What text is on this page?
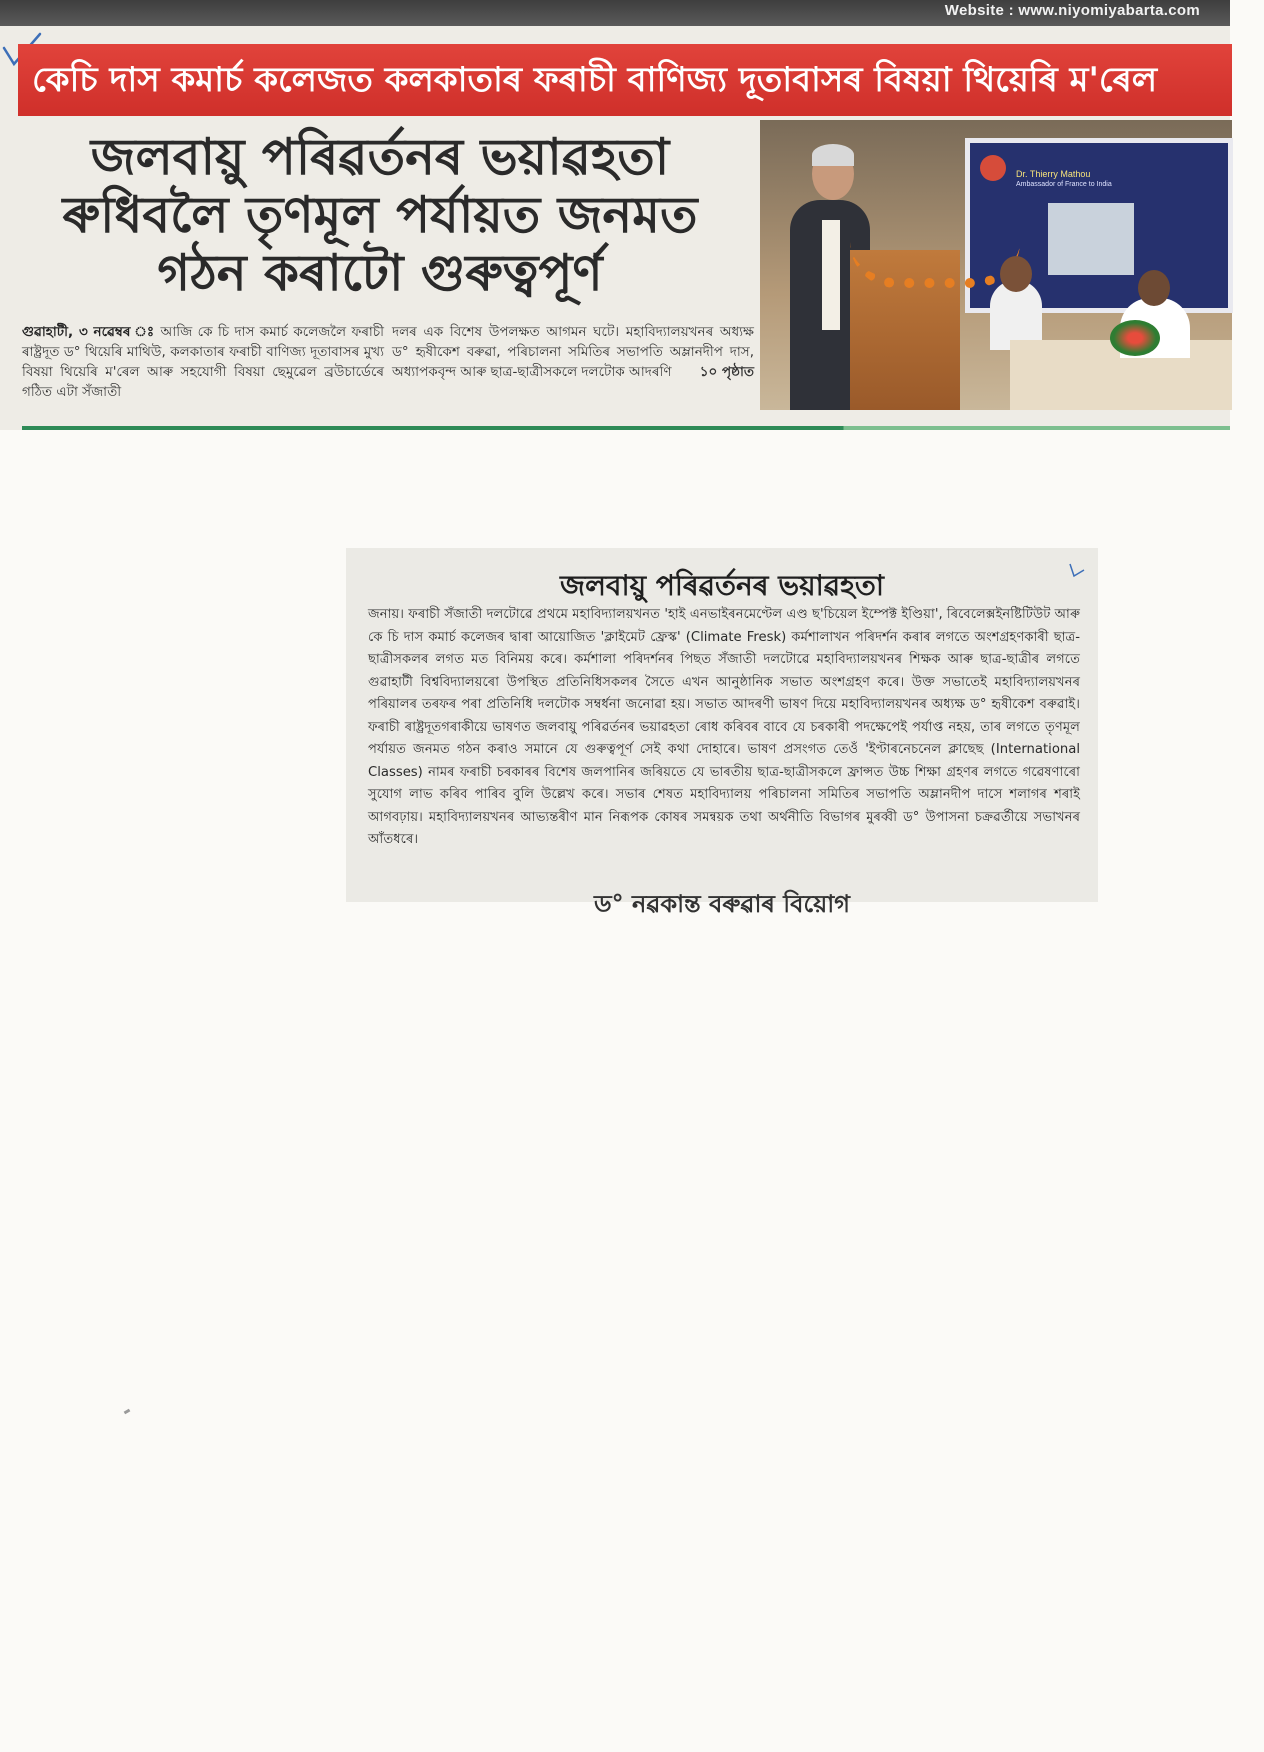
Website : www.niyomiyabarta.com
কেচি দাস কমাৰ্চ কলেজত কলকাতাৰ ফৰাচী বাণিজ্য দূতাবাসৰ বিষয়া থিয়েৰি ম'ৰেল
জলবায়ু পৰিৱৰ্তনৰ ভয়াৱহতা
ৰুধিবলৈ তৃণমূল পৰ্যায়ত জনমত
গঠন কৰাটো গুৰুত্বপূৰ্ণ
গুৱাহাটী, ৩ নৱেম্বৰ ঃ আজি কে চি দাস কমাৰ্চ কলেজলৈ ফৰাচী ৰাষ্ট্ৰদূত ড° থিয়েৰি মাথিউ, কলকাতাৰ ফৰাচী বাণিজ্য দূতাবাসৰ মুখ্য বিষয়া থিয়েৰি ম'ৰেল আৰু সহযোগী বিষয়া ছেমুৱেল ব্ৰউচাৰ্ডেৰে গঠিত এটা সঁজাতী
দলৰ এক বিশেষ উপলক্ষত আগমন ঘটে। মহাবিদ্যালয়খনৰ অধ্যক্ষ ড° হৃষীকেশ বৰুৱা, পৰিচালনা সমিতিৰ সভাপতি অম্লানদীপ দাস, অধ্যাপকবৃন্দ আৰু ছাত্ৰ-ছাত্ৰীসকলে দলটোক আদৰণি ১০ পৃষ্ঠাত
Dr. Thierry Mathou
Ambassador of France to India
জলবায়ু পৰিৱৰ্তনৰ ভয়াৱহতা
জনায়। ফৰাচী সঁজাতী দলটোৱে প্ৰথমে মহাবিদ্যালয়খনত 'হাই এনভাইৰনমেণ্টেল এণ্ড ছ'চিয়েল ইম্পেক্ট ইণ্ডিয়া', ৰিবেলেক্সইনষ্টিটিউট আৰু কে চি দাস কমাৰ্চ কলেজৰ দ্বাৰা আয়োজিত 'ক্লাইমেট ফ্ৰেস্ক' (Climate Fresk) কৰ্মশালাখন পৰিদৰ্শন কৰাৰ লগতে অংশগ্ৰহণকাৰী ছাত্ৰ-ছাত্ৰীসকলৰ লগত মত বিনিময় কৰে। কৰ্মশালা পৰিদৰ্শনৰ পিছত সঁজাতী দলটোৱে মহাবিদ্যালয়খনৰ শিক্ষক আৰু ছাত্ৰ-ছাত্ৰীৰ লগতে গুৱাহাটী বিশ্ববিদ্যালয়ৰো উপস্থিত প্ৰতিনিধিসকলৰ সৈতে এখন আনুষ্ঠানিক সভাত অংশগ্ৰহণ কৰে। উক্ত সভাতেই মহাবিদ্যালয়খনৰ পৰিয়ালৰ তৰফৰ পৰা প্ৰতিনিধি দলটোক সম্বৰ্ধনা জনোৱা হয়। সভাত আদৰণী ভাষণ দিয়ে মহাবিদ্যালয়খনৰ অধ্যক্ষ ড° হৃষীকেশ বৰুৱাই। ফৰাচী ৰাষ্ট্ৰদূতগৰাকীয়ে ভাষণত জলবায়ু পৰিৱৰ্তনৰ ভয়াৱহতা ৰোধ কৰিবৰ বাবে যে চৰকাৰী পদক্ষেপেই পৰ্যাপ্ত নহয়, তাৰ লগতে তৃণমূল পৰ্যায়ত জনমত গঠন কৰাও সমানে যে গুৰুত্বপূৰ্ণ সেই কথা দোহাৰে। ভাষণ প্ৰসংগত তেওঁ 'ইণ্টাৰনেচনেল ক্লাছেছ (International Classes) নামৰ ফৰাচী চৰকাৰৰ বিশেষ জলপানিৰ জৰিয়তে যে ভাৰতীয় ছাত্ৰ-ছাত্ৰীসকলে ফ্ৰান্সত উচ্চ শিক্ষা গ্ৰহণৰ লগতে গৱেষণাৰো সুযোগ লাভ কৰিব পাৰিব বুলি উল্লেখ কৰে। সভাৰ শেষত মহাবিদ্যালয় পৰিচালনা সমিতিৰ সভাপতি অম্লানদীপ দাসে শলাগৰ শৰাই আগবঢ়ায়। মহাবিদ্যালয়খনৰ আভ্যন্তৰীণ মান নিৰূপক কোষৰ সমন্বয়ক তথা অৰ্থনীতি বিভাগৰ মুৰব্বী ড° উপাসনা চক্ৰৱৰ্তীয়ে সভাখনৰ আঁতধৰে।
ড° নৱকান্ত বৰুৱাৰ বিয়োগ
